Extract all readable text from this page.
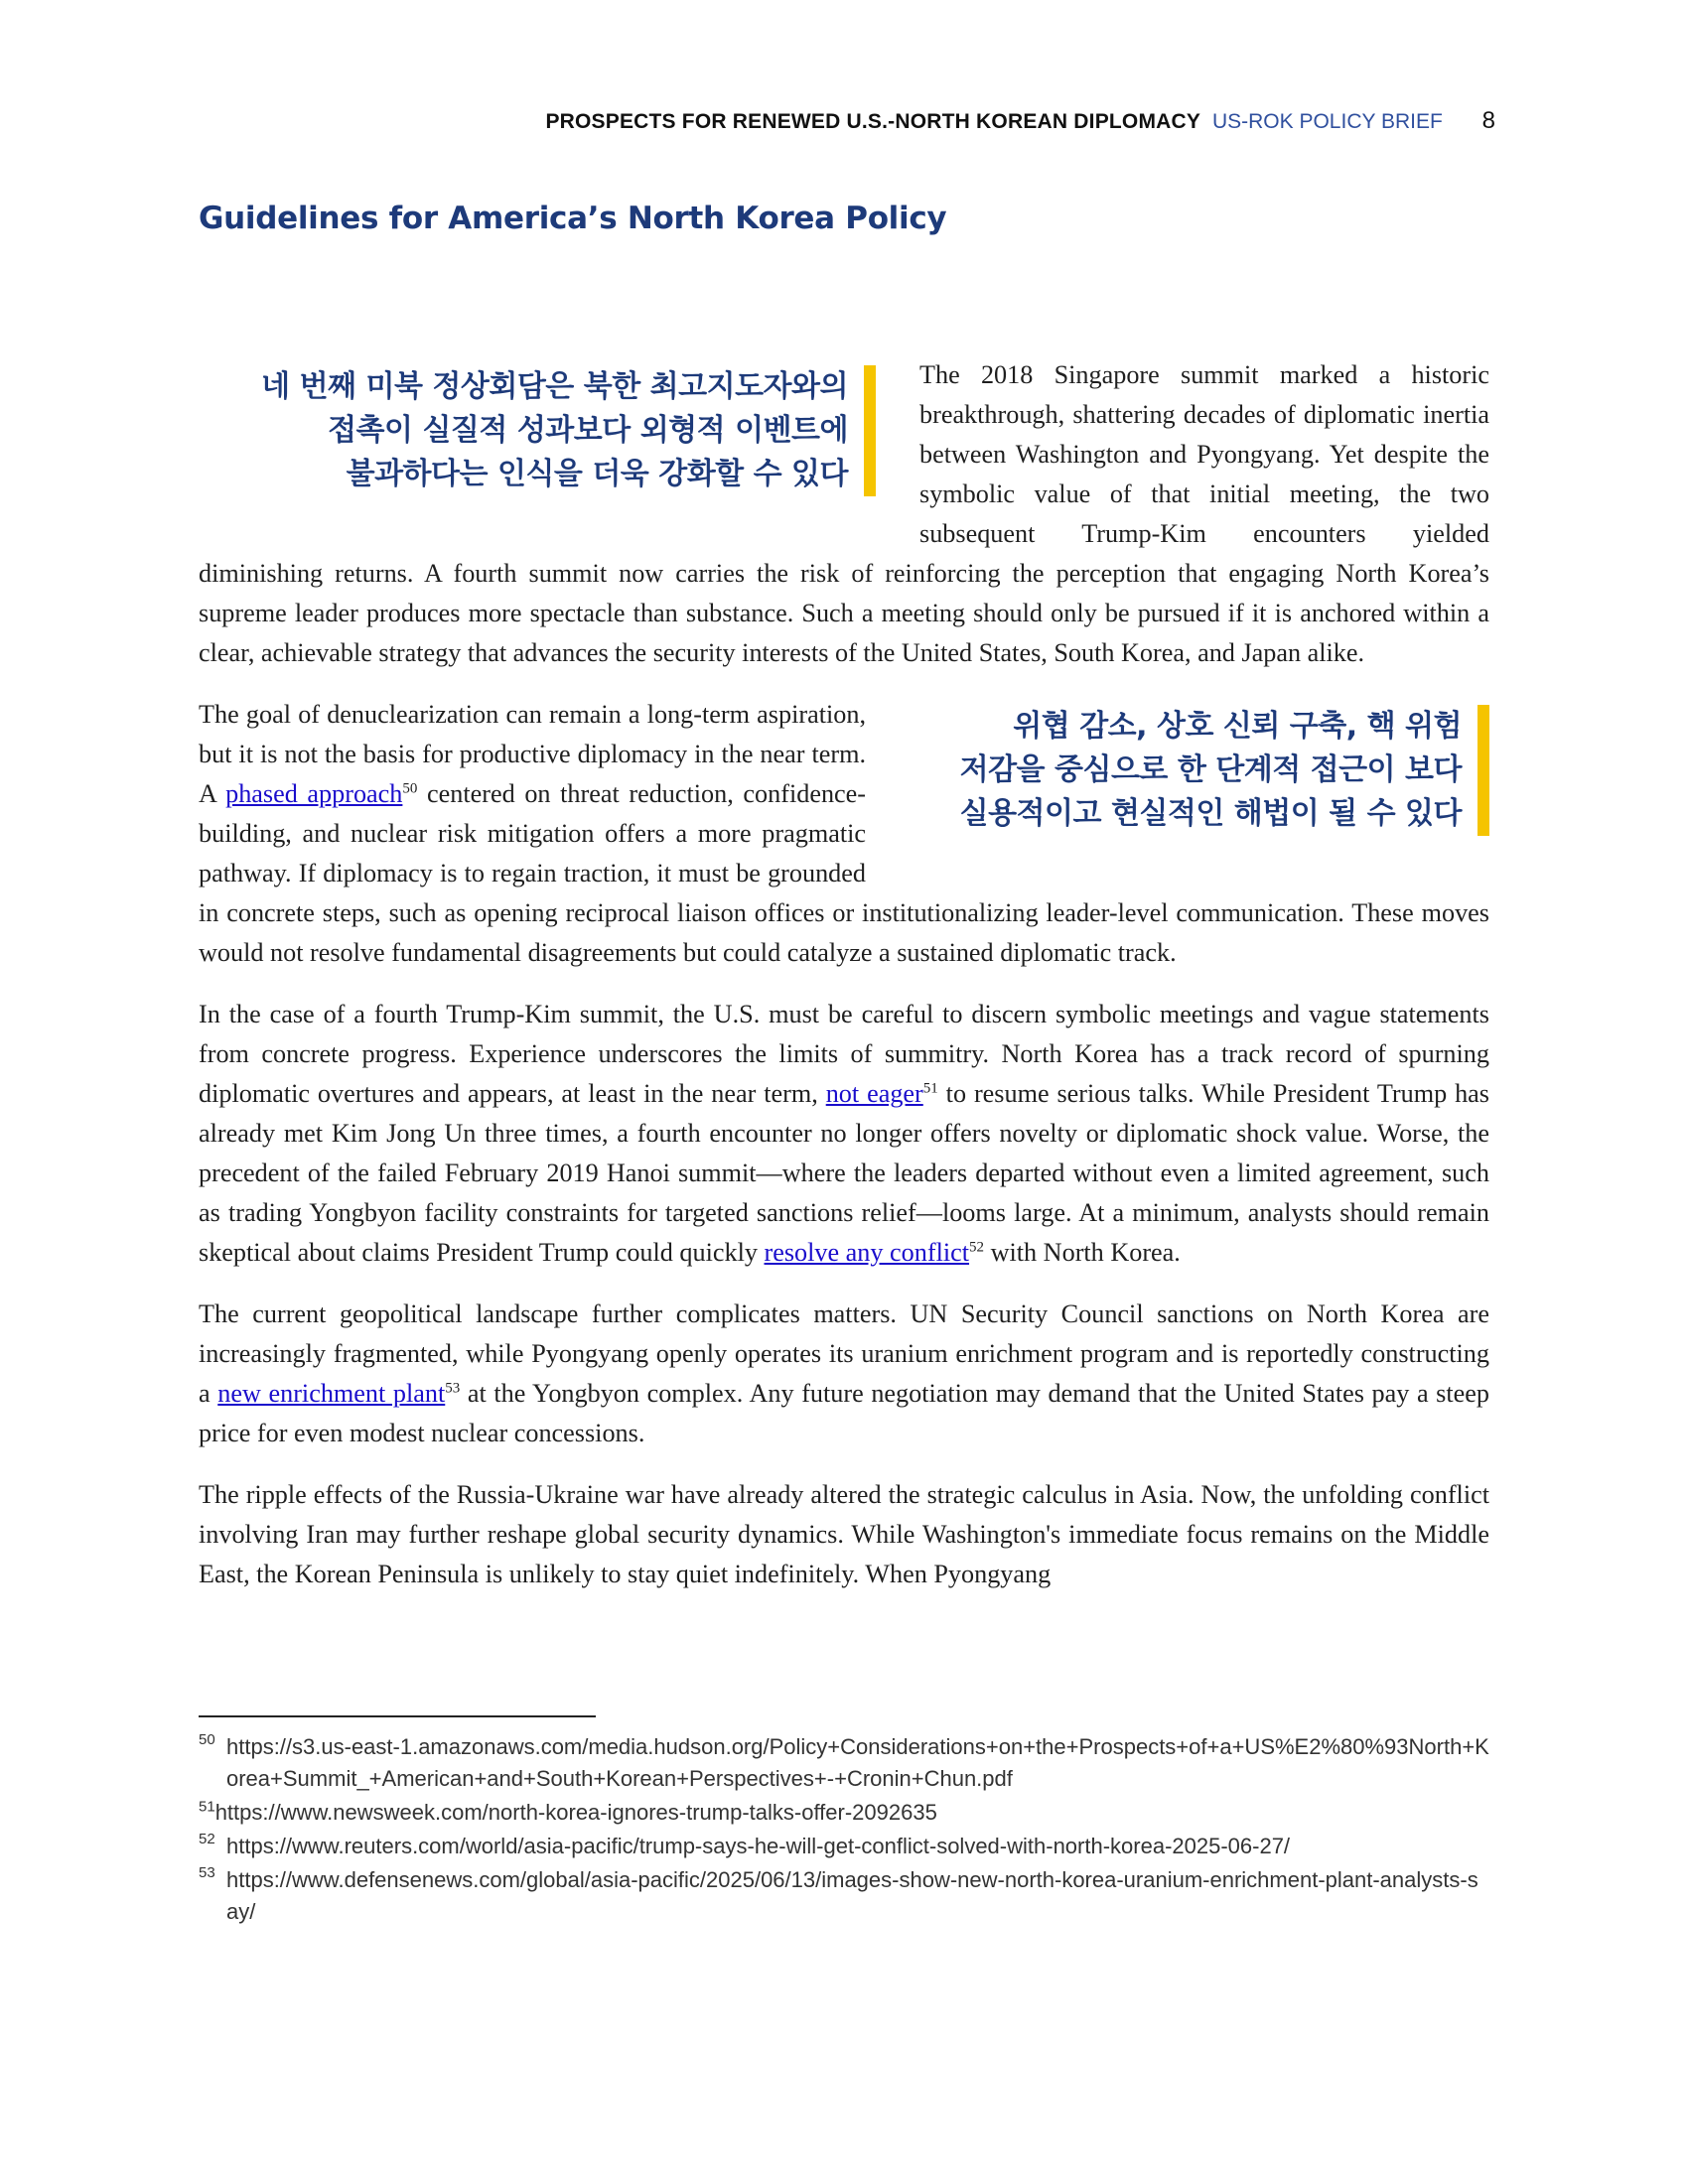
PROSPECTS FOR RENEWED U.S.-NORTH KOREAN DIPLOMACY US-ROK POLICY BRIEF 8
Guidelines for America’s North Korea Policy

네 번째 미북 정상회담은 북한 최고지도자와의
접촉이 실질적 성과보다 외형적 이벤트에
불과하다는 인식을 더욱 강화할 수 있다
The 2018 Singapore summit marked a historic breakthrough, shattering decades of diplomatic inertia between Washington and Pyongyang. Yet despite the symbolic value of that initial meeting, the two subsequent Trump-Kim encounters yielded diminishing returns. A fourth summit now carries the risk of reinforcing the perception that engaging North Korea’s supreme leader produces more spectacle than substance. Such a meeting should only be pursued if it is anchored within a clear, achievable strategy that advances the security interests of the United States, South Korea, and Japan alike.

위협 감소, 상호 신뢰 구축, 핵 위험
저감을 중심으로 한 단계적 접근이 보다
실용적이고 현실적인 해법이 될 수 있다
The goal of denuclearization can remain a long-term aspiration, but it is not the basis for productive diplomacy in the near term. A phased approach$^{50}$ centered on threat reduction, confidence-building, and nuclear risk mitigation offers a more pragmatic pathway. If diplomacy is to regain traction, it must be grounded in concrete steps, such as opening reciprocal liaison offices or institutionalizing leader-level communication. These moves would not resolve fundamental disagreements but could catalyze a sustained diplomatic track.

In the case of a fourth Trump-Kim summit, the U.S. must be careful to discern symbolic meetings and vague statements from concrete progress. Experience underscores the limits of summitry. North Korea has a track record of spurning diplomatic overtures and appears, at least in the near term, not eager$^{51}$ to resume serious talks. While President Trump has already met Kim Jong Un three times, a fourth encounter no longer offers novelty or diplomatic shock value. Worse, the precedent of the failed February 2019 Hanoi summit—where the leaders departed without even a limited agreement, such as trading Yongbyon facility constraints for targeted sanctions relief—looms large. At a minimum, analysts should remain skeptical about claims President Trump could quickly resolve any conflict$^{52}$ with North Korea.

The current geopolitical landscape further complicates matters. UN Security Council sanctions on North Korea are increasingly fragmented, while Pyongyang openly operates its uranium enrichment program and is reportedly constructing a new enrichment plant$^{53}$ at the Yongbyon complex. Any future negotiation may demand that the United States pay a steep price for even modest nuclear concessions.

The ripple effects of the Russia-Ukraine war have already altered the strategic calculus in Asia. Now, the unfolding conflict involving Iran may further reshape global security dynamics. While Washington's immediate focus remains on the Middle East, the Korean Peninsula is unlikely to stay quiet indefinitely. When Pyongyang

50 https://s3.us-east-1.amazonaws.com/media.hudson.org/Policy+Considerations+on+the+Prospects+of+a+US%E2%80%93North+Korea+Summit_+American+and+South+Korean+Perspectives+-+Cronin+Chun.pdf
$^{51}$https://www.newsweek.com/north-korea-ignores-trump-talks-offer-2092635
52 https://www.reuters.com/world/asia-pacific/trump-says-he-will-get-conflict-solved-with-north-korea-2025-06-27/
53 https://www.defensenews.com/global/asia-pacific/2025/06/13/images-show-new-north-korea-uranium-enrichment-plant-analysts-say/
